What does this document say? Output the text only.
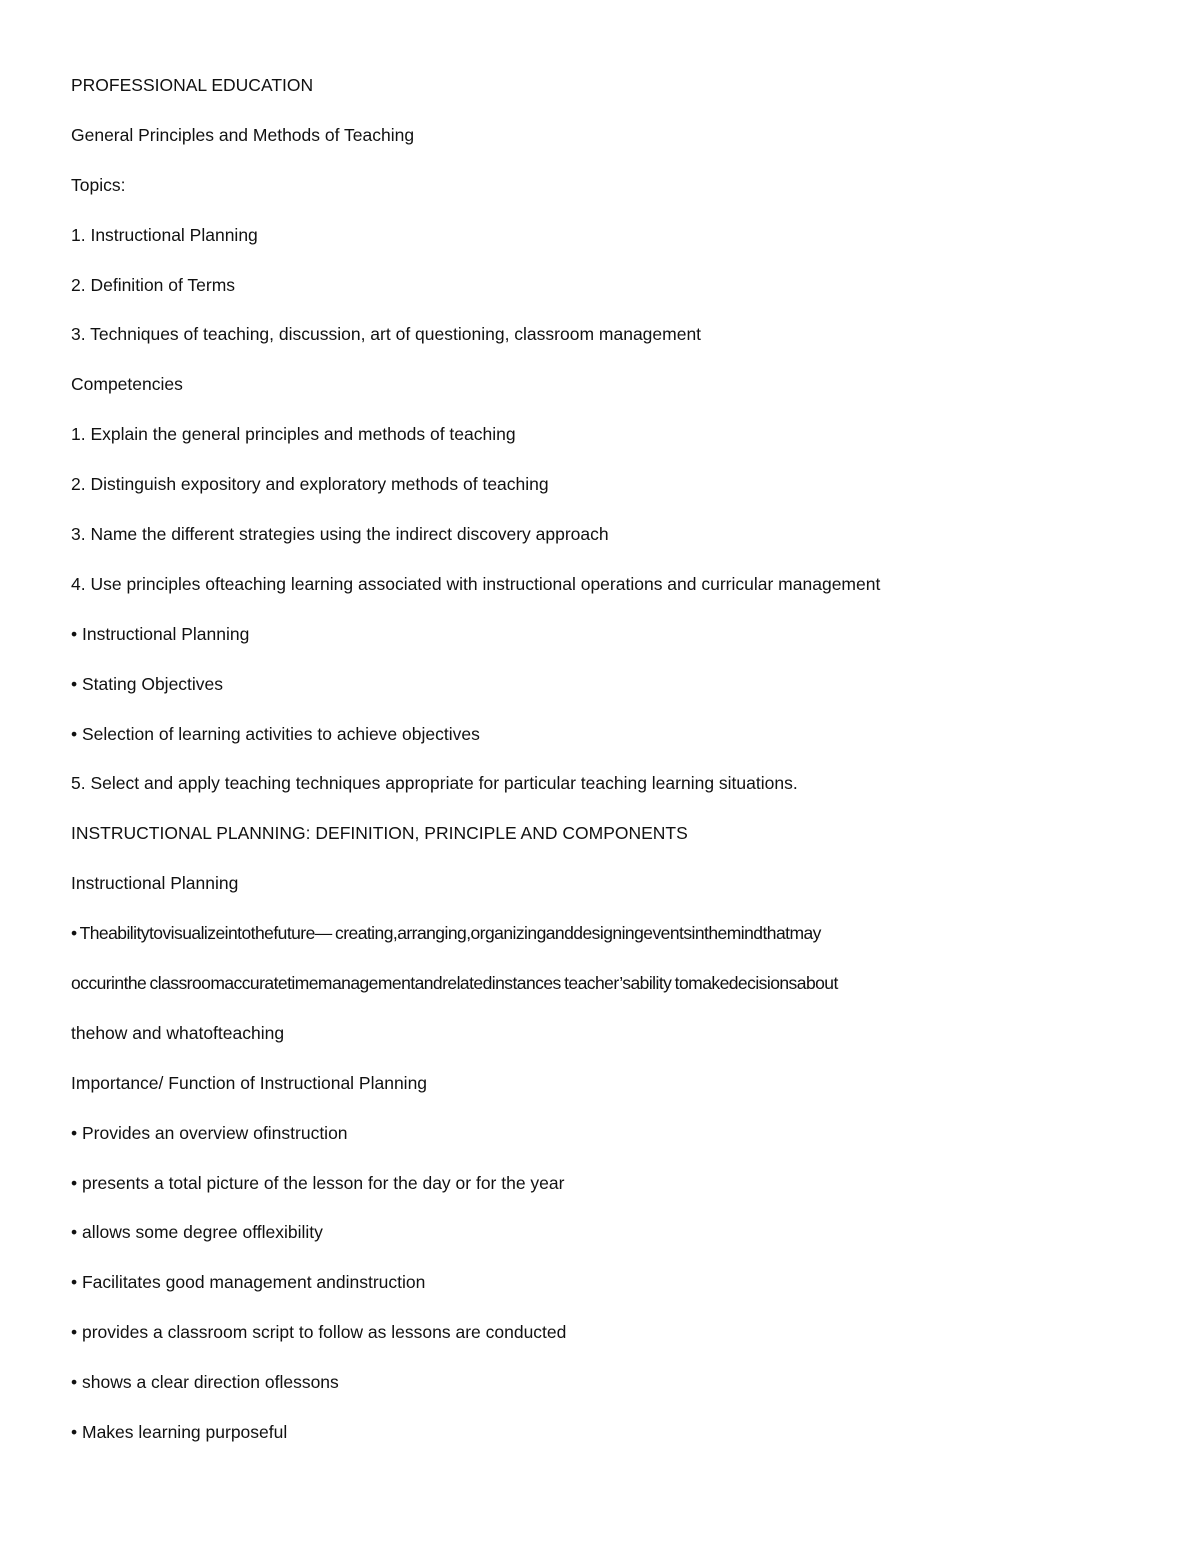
PROFESSIONAL EDUCATION
General Principles and Methods of Teaching
Topics:
1. Instructional Planning
2. Definition of Terms
3. Techniques of teaching, discussion, art of questioning, classroom management
Competencies
1. Explain the general principles and methods of teaching
2. Distinguish expository and exploratory methods of teaching
3. Name the different strategies using the indirect discovery approach
4. Use principles ofteaching learning associated with instructional operations and curricular management
• Instructional Planning
• Stating Objectives
• Selection of learning activities to achieve objectives
5. Select and apply teaching techniques appropriate for particular teaching learning situations.
INSTRUCTIONAL PLANNING: DEFINITION, PRINCIPLE AND COMPONENTS
Instructional Planning
• Theabilitytovisualizeintothefuture— creating,arranging,organizinganddesigningeventsinthemindthatmay
occurinthe classroomaccuratetimemanagementandrelatedinstances teacher’sability tomakedecisionsabout
thehow and whatofteaching
Importance/ Function of Instructional Planning
• Provides an overview ofinstruction
• presents a total picture of the lesson for the day or for the year
• allows some degree offlexibility
• Facilitates good management andinstruction
• provides a classroom script to follow as lessons are conducted
• shows a clear direction oflessons
• Makes learning purposeful
